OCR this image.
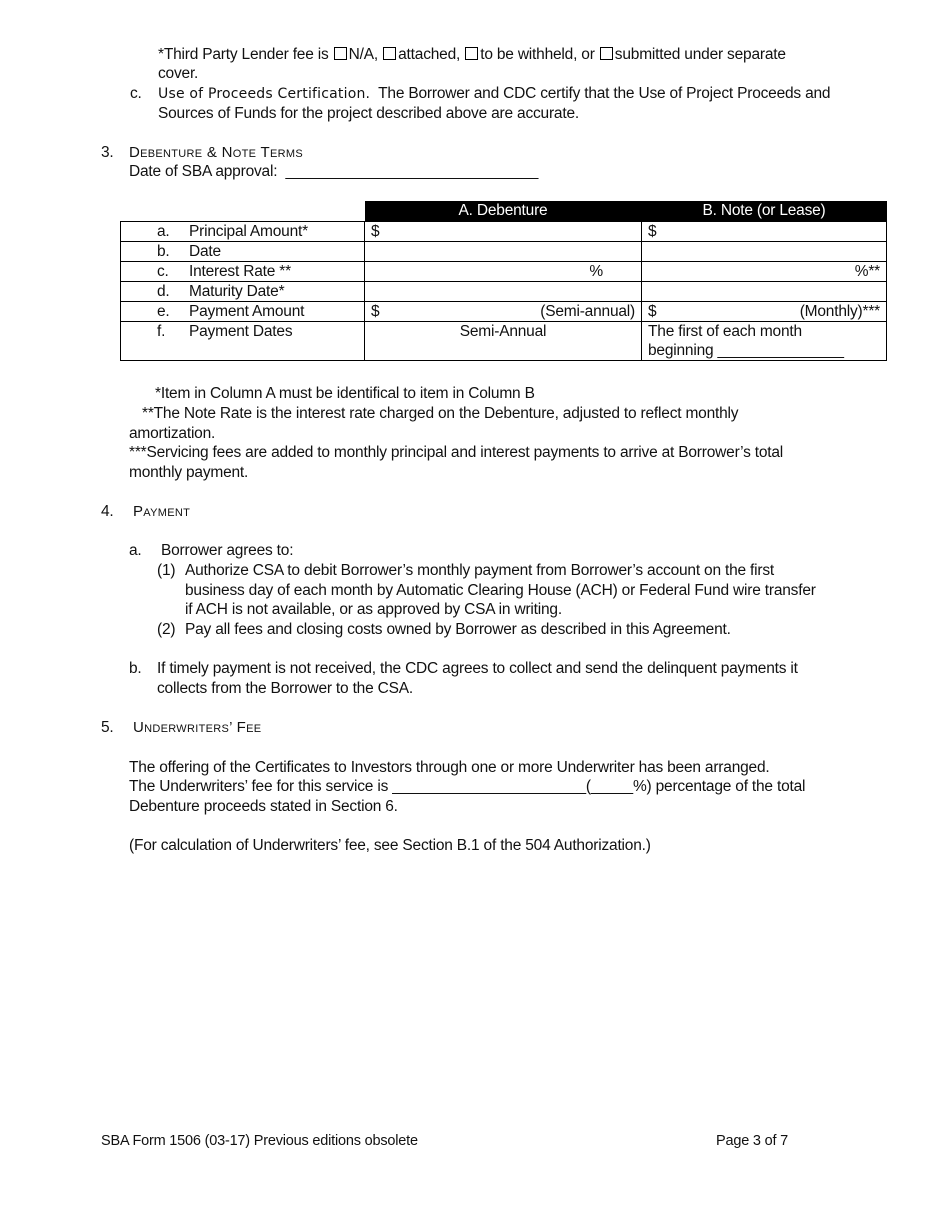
*Third Party Lender fee is N/A, attached, to be withheld, or submitted under separate
cover.
c. Use of Proceeds Certification. The Borrower and CDC certify that the Use of Project Proceeds and
Sources of Funds for the project described above are accurate.
3. Debenture & Note Terms
Date of SBA approval: ______________________________
	A. Debenture	B. Note (or Lease)
a. Principal Amount*	$	$
b. Date		
c. Interest Rate **	%	%**
d. Maturity Date*		
e. Payment Amount	$ (Semi-annual)	$ (Monthly)***

f. Payment Dates	Semi-Annual	The first of each month
beginning _______________
*Item in Column A must be identifical to item in Column B
**The Note Rate is the interest rate charged on the Debenture, adjusted to reflect monthly
amortization.
***Servicing fees are added to monthly principal and interest payments to arrive at Borrower’s total
monthly payment.
4. Payment
a. Borrower agrees to:
(1) Authorize CSA to debit Borrower’s monthly payment from Borrower’s account on the first
business day of each month by Automatic Clearing House (ACH) or Federal Fund wire transfer
if ACH is not available, or as approved by CSA in writing.
(2) Pay all fees and closing costs owned by Borrower as described in this Agreement.
b. If timely payment is not received, the CDC agrees to collect and send the delinquent payments it
collects from the Borrower to the CSA.
5. Underwriters’ Fee
The offering of the Certificates to Investors through one or more Underwriter has been arranged.
The Underwriters’ fee for this service is _______________________(_____%) percentage of the total
Debenture proceeds stated in Section 6.
(For calculation of Underwriters’ fee, see Section B.1 of the 504 Authorization.)
SBA Form 1506 (03-17) Previous editions obsolete	Page 3 of 7
